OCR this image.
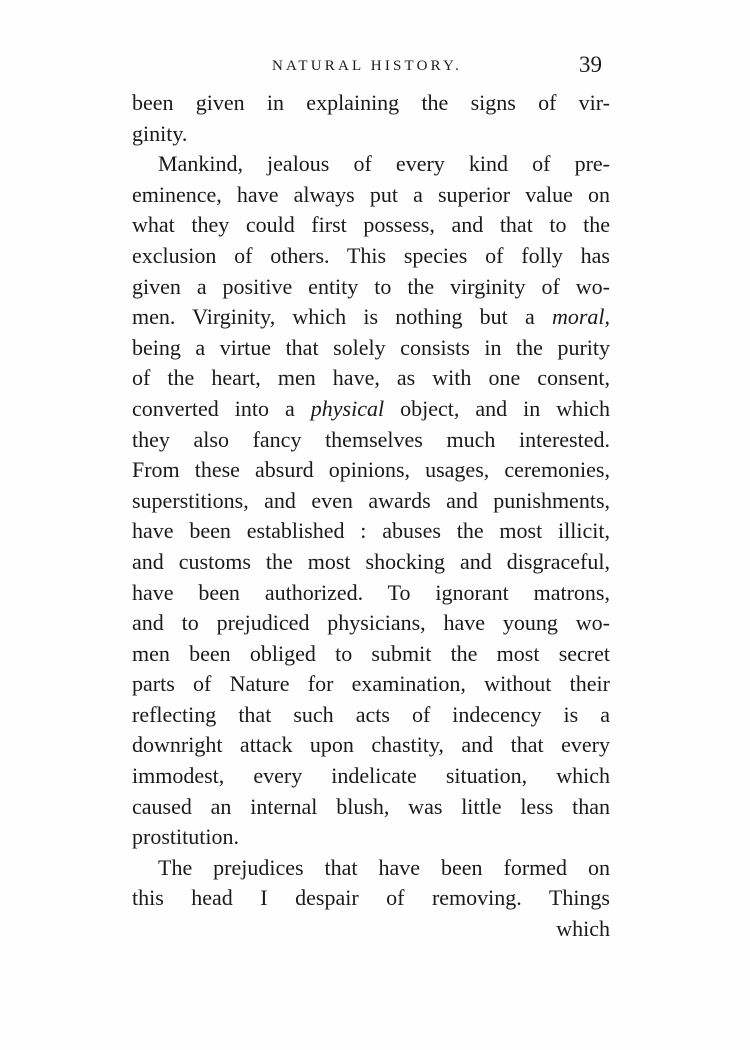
NATURAL HISTORY.	39
been given in explaining the signs of vir-
ginity.
Mankind, jealous of every kind of pre-
eminence, have always put a superior value on
what they could first possess, and that to the
exclusion of others. This species of folly has
given a positive entity to the virginity of wo-
men. Virginity, which is nothing but a moral,
being a virtue that solely consists in the purity
of the heart, men have, as with one consent,
converted into a physical object, and in which
they also fancy themselves much interested.
From these absurd opinions, usages, ceremonies,
superstitions, and even awards and punishments,
have been established : abuses the most illicit,
and customs the most shocking and disgraceful,
have been authorized. To ignorant matrons,
and to prejudiced physicians, have young wo-
men been obliged to submit the most secret
parts of Nature for examination, without their
reflecting that such acts of indecency is a
downright attack upon chastity, and that every
immodest, every indelicate situation, which
caused an internal blush, was little less than
prostitution.
The prejudices that have been formed on
this head I despair of removing. Things
which
